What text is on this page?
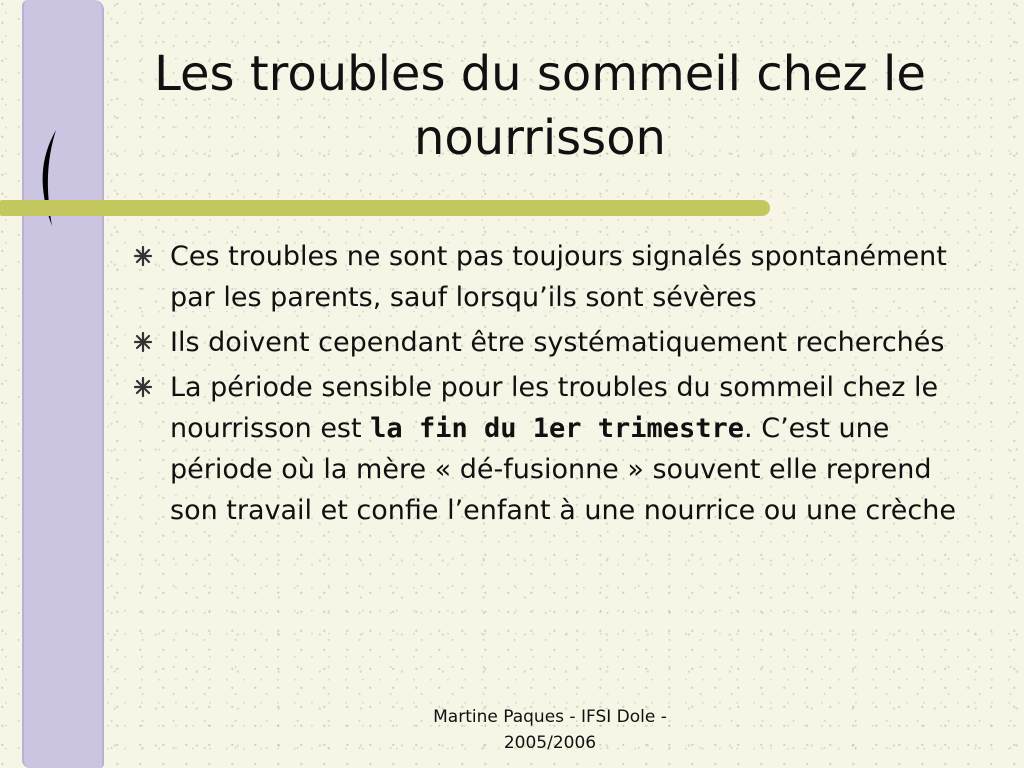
Les troubles du sommeil chez le nourrisson
Ces troubles ne sont pas toujours signalés spontanément par les parents, sauf lorsqu’ils sont sévères
Ils doivent cependant être systématiquement recherchés
La période sensible pour les troubles du sommeil chez le nourrisson est la fin du 1er trimestre. C’est une période où la mère « dé-fusionne » souvent elle reprend son travail et confie l’enfant à une nourrice ou une crèche
Martine Paques - IFSI Dole -
2005/2006
